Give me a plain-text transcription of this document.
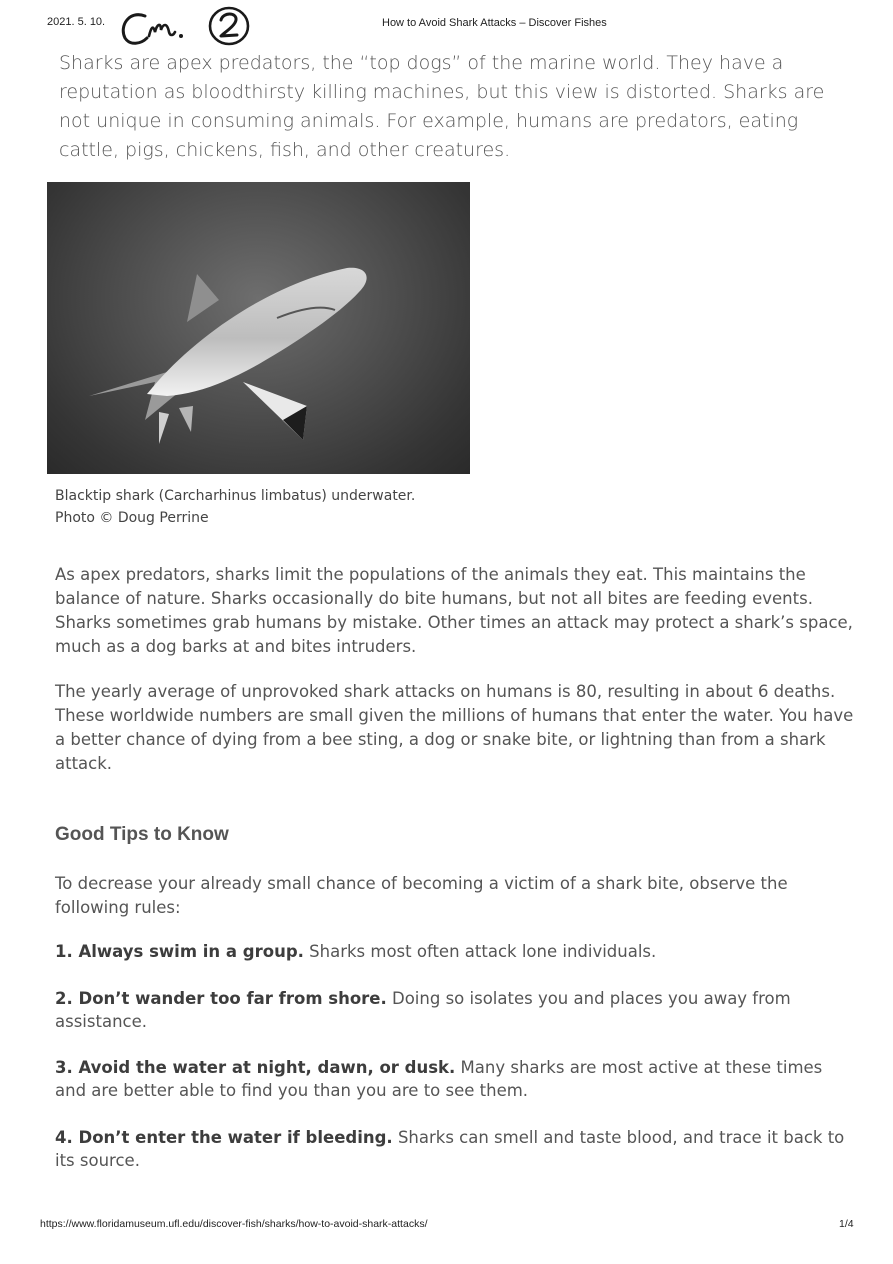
2021. 5. 10.	How to Avoid Shark Attacks – Discover Fishes

Sharks are apex predators, the “top dogs” of the marine world. They have a reputation as bloodthirsty killing machines, but this view is distorted. Sharks are not unique in consuming animals. For example, humans are predators, eating cattle, pigs, chickens, fish, and other creatures.

Blacktip shark (Carcharhinus limbatus) underwater.
Photo © Doug Perrine

As apex predators, sharks limit the populations of the animals they eat. This maintains the balance of nature. Sharks occasionally do bite humans, but not all bites are feeding events. Sharks sometimes grab humans by mistake. Other times an attack may protect a shark’s space, much as a dog barks at and bites intruders.

The yearly average of unprovoked shark attacks on humans is 80, resulting in about 6 deaths. These worldwide numbers are small given the millions of humans that enter the water. You have a better chance of dying from a bee sting, a dog or snake bite, or lightning than from a shark attack.

Good Tips to Know

To decrease your already small chance of becoming a victim of a shark bite, observe the following rules:

1. Always swim in a group. Sharks most often attack lone individuals.

2. Don’t wander too far from shore. Doing so isolates you and places you away from assistance.

3. Avoid the water at night, dawn, or dusk. Many sharks are most active at these times and are better able to find you than you are to see them.

4. Don’t enter the water if bleeding. Sharks can smell and taste blood, and trace it back to its source.

https://www.floridamuseum.ufl.edu/discover-fish/sharks/how-to-avoid-shark-attacks/	1/4
